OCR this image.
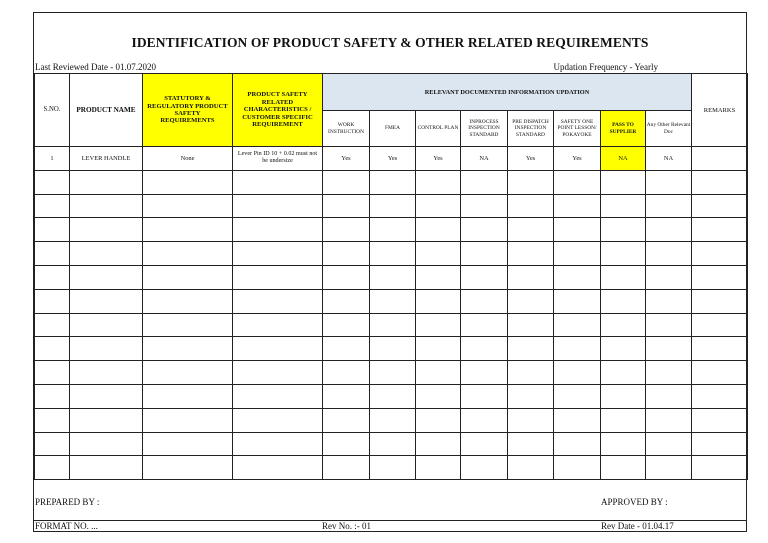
IDENTIFICATION OF PRODUCT SAFETY & OTHER RELATED REQUIREMENTS
Last Reviewed Date - 01.07.2020	Updation Frequency - Yearly
S.NO.	PRODUCT NAME	STATUTORY & REGULATORY PRODUCT SAFETY REQUIREMENTS	PRODUCT SAFETY RELATED CHARACTERISTICS / CUSTOMER SPECIFIC REQUIREMENT	RELEVANT DOCUMENTED INFORMATION UPDATION								REMARKS
				WORK INSTRUCTION	FMEA	CONTROL PLAN	INPROCESS INSPECTION STANDARD	PRE DISPATCH INSPECTION STANDARD	SAFETY ONE POINT LESSON/ POKAYOKE	PASS TO SUPPLIER	Any Other Relevant Doc	
1	LEVER HANDLE	None	Lever Pin ID 10 + 0.02 must not be undersize	Yes	Yes	Yes	NA	Yes	Yes	NA	NA	

PREPARED BY :	APPROVED BY :
FORMAT NO. ...	Rev No. :- 01	Rev Date - 01.04.17
